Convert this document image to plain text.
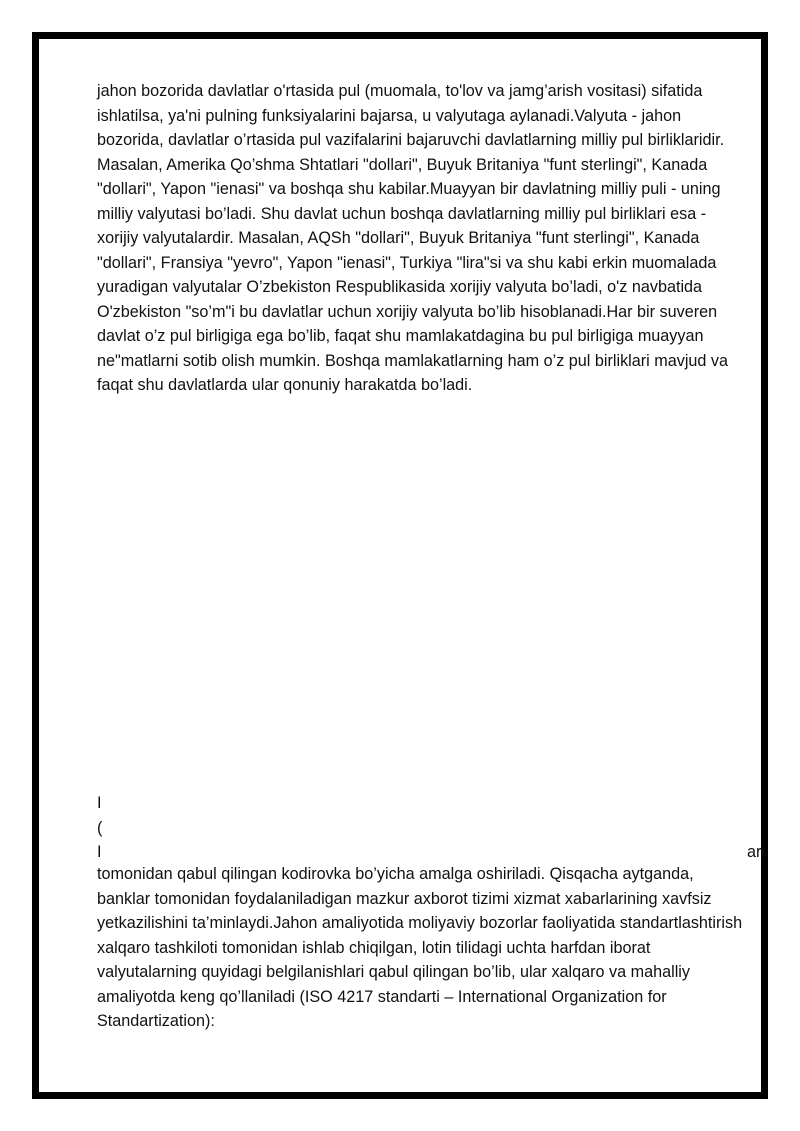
jahon bozorida davlatlar o'rtasida pul (muomala, to'lov va jamg’arish vositasi) sifatida ishlatilsa, ya'ni pulning funksiyalarini bajarsa, u valyutaga aylanadi.Valyuta - jahon bozorida, davlatlar o’rtasida pul vazifalarini bajaruvchi davlatlarning milliy pul birliklaridir. Masalan, Amerika Qo’shma Shtatlari "dollari", Buyuk Britaniya "funt sterlingi", Kanada "dollari", Yapon "ienasi" va boshqa shu kabilar.Muayyan bir davlatning milliy puli - uning milliy valyutasi bo’ladi. Shu davlat uchun boshqa davlatlarning milliy pul birliklari esa - xorijiy valyutalardir. Masalan, AQSh "dollari", Buyuk Britaniya "funt sterlingi", Kanada "dollari", Fransiya "yevro", Yapon "ienasi", Turkiya "lira"si va shu kabi erkin muomalada yuradigan valyutalar O’zbekiston Respublikasida xorijiy valyuta bo’ladi, o'z navbatida O'zbekiston "so’m"i bu davlatlar uchun xorijiy valyuta bo’lib hisoblanadi.Har bir suveren davlat o’z pul birligiga ega bo’lib, faqat shu mamlakatdagina bu pul birligiga muayyan ne"matlarni sotib olish mumkin. Boshqa mamlakatlarning ham o’z pul birliklari mavjud va faqat shu davlatlarda ular qonuniy harakatda bo’ladi.

I
(
I	ari

tomonidan qabul qilingan kodirovka bo’yicha amalga oshiriladi. Qisqacha aytganda, banklar tomonidan foydalaniladigan mazkur axborot tizimi xizmat xabarlarining xavfsiz yetkazilishini ta’minlaydi.Jahon amaliyotida moliyaviy bozorlar faoliyatida standartlashtirish xalqaro tashkiloti tomonidan ishlab chiqilgan, lotin tilidagi uchta harfdan iborat valyutalarning quyidagi belgilanishlari qabul qilingan bo’lib, ular xalqaro va mahalliy amaliyotda keng qo’llaniladi (ISO 4217 standarti – International Organization for Standartization):
